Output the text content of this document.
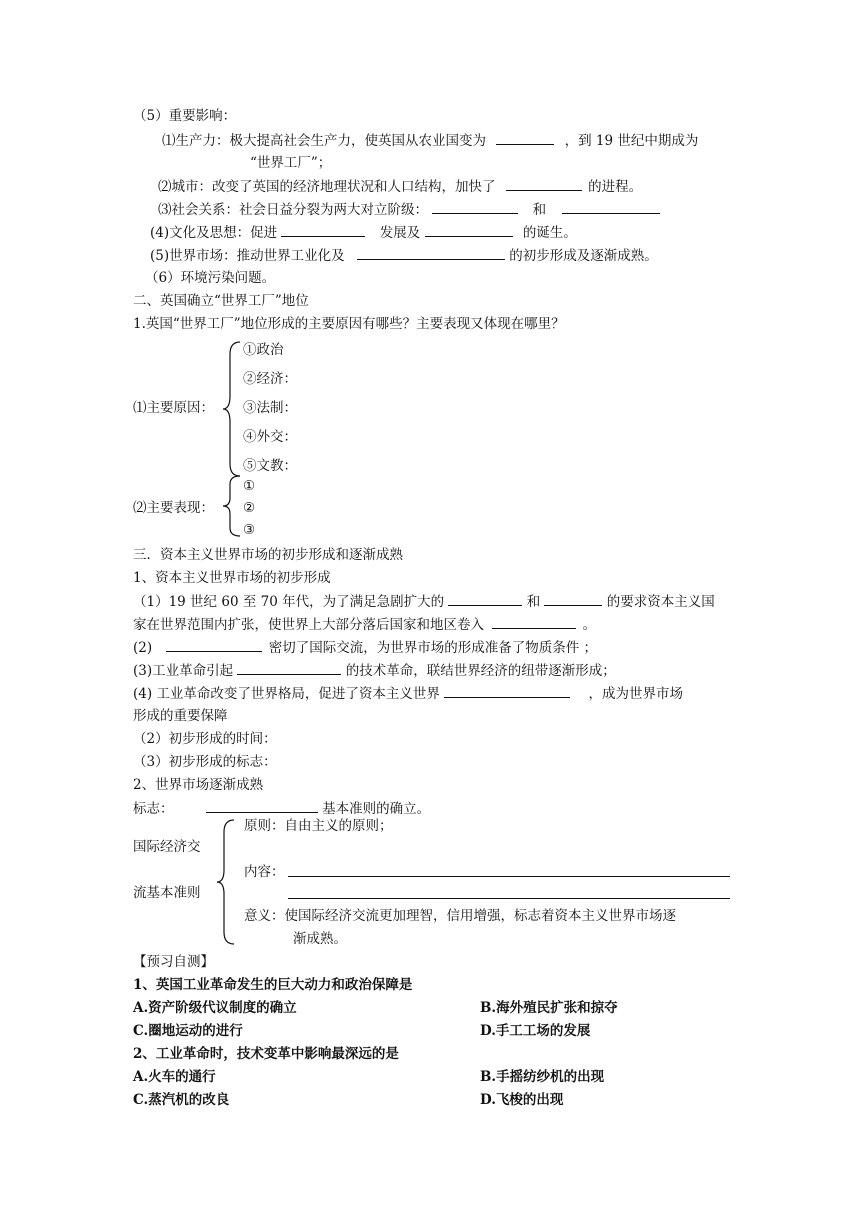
（5）重要影响：
⑴生产力：极大提高社会生产力，使英国从农业国变为	，到 19 世纪中期成为
“世界工厂”；
⑵城市：改变了英国的经济地理状况和人口结构，加快了	的进程。
⑶社会关系：社会日益分裂为两大对立阶级：	和
(4)文化及思想：促进	发展及	的诞生。
(5)世界市场：推动世界工业化及	的初步形成及逐渐成熟。
（6）环境污染问题。
二、英国确立“世界工厂”地位
1.英国“世界工厂”地位形成的主要原因有哪些？主要表现又体现在哪里？
⑴主要原因：
①政治
②经济：
③法制：
④外交：
⑤文教：
⑵主要表现：
①
②
③
三．资本主义世界市场的初步形成和逐渐成熟
1、资本主义世界市场的初步形成
（1）19 世纪 60 至 70 年代，为了满足急剧扩大的	和	的要求资本主义国
家在世界范围内扩张，使世界上大部分落后国家和地区卷入	。
(2)	密切了国际交流，为世界市场的形成准备了物质条件 ；
(3)工业革命引起	的技术革命，联结世界经济的纽带逐渐形成；
(4) 工业革命改变了世界格局，促进了资本主义世界	，成为世界市场
形成的重要保障
（2）初步形成的时间：
（3）初步形成的标志：
2、世界市场逐渐成熟
标志：	基本准则的确立。
国际经济交
流基本准则
原则：自由主义的原则；
内容：
意义：使国际经济交流更加理智，信用增强，标志着资本主义世界市场逐
渐成熟。
【预习自测】
1、英国工业革命发生的巨大动力和政治保障是
A.资产阶级代议制度的确立	B.海外殖民扩张和掠夺
C.圈地运动的进行	D.手工工场的发展
2、工业革命时，技术变革中影响最深远的是
A.火车的通行	B.手摇纺纱机的出现
C.蒸汽机的改良	D.飞梭的出现
